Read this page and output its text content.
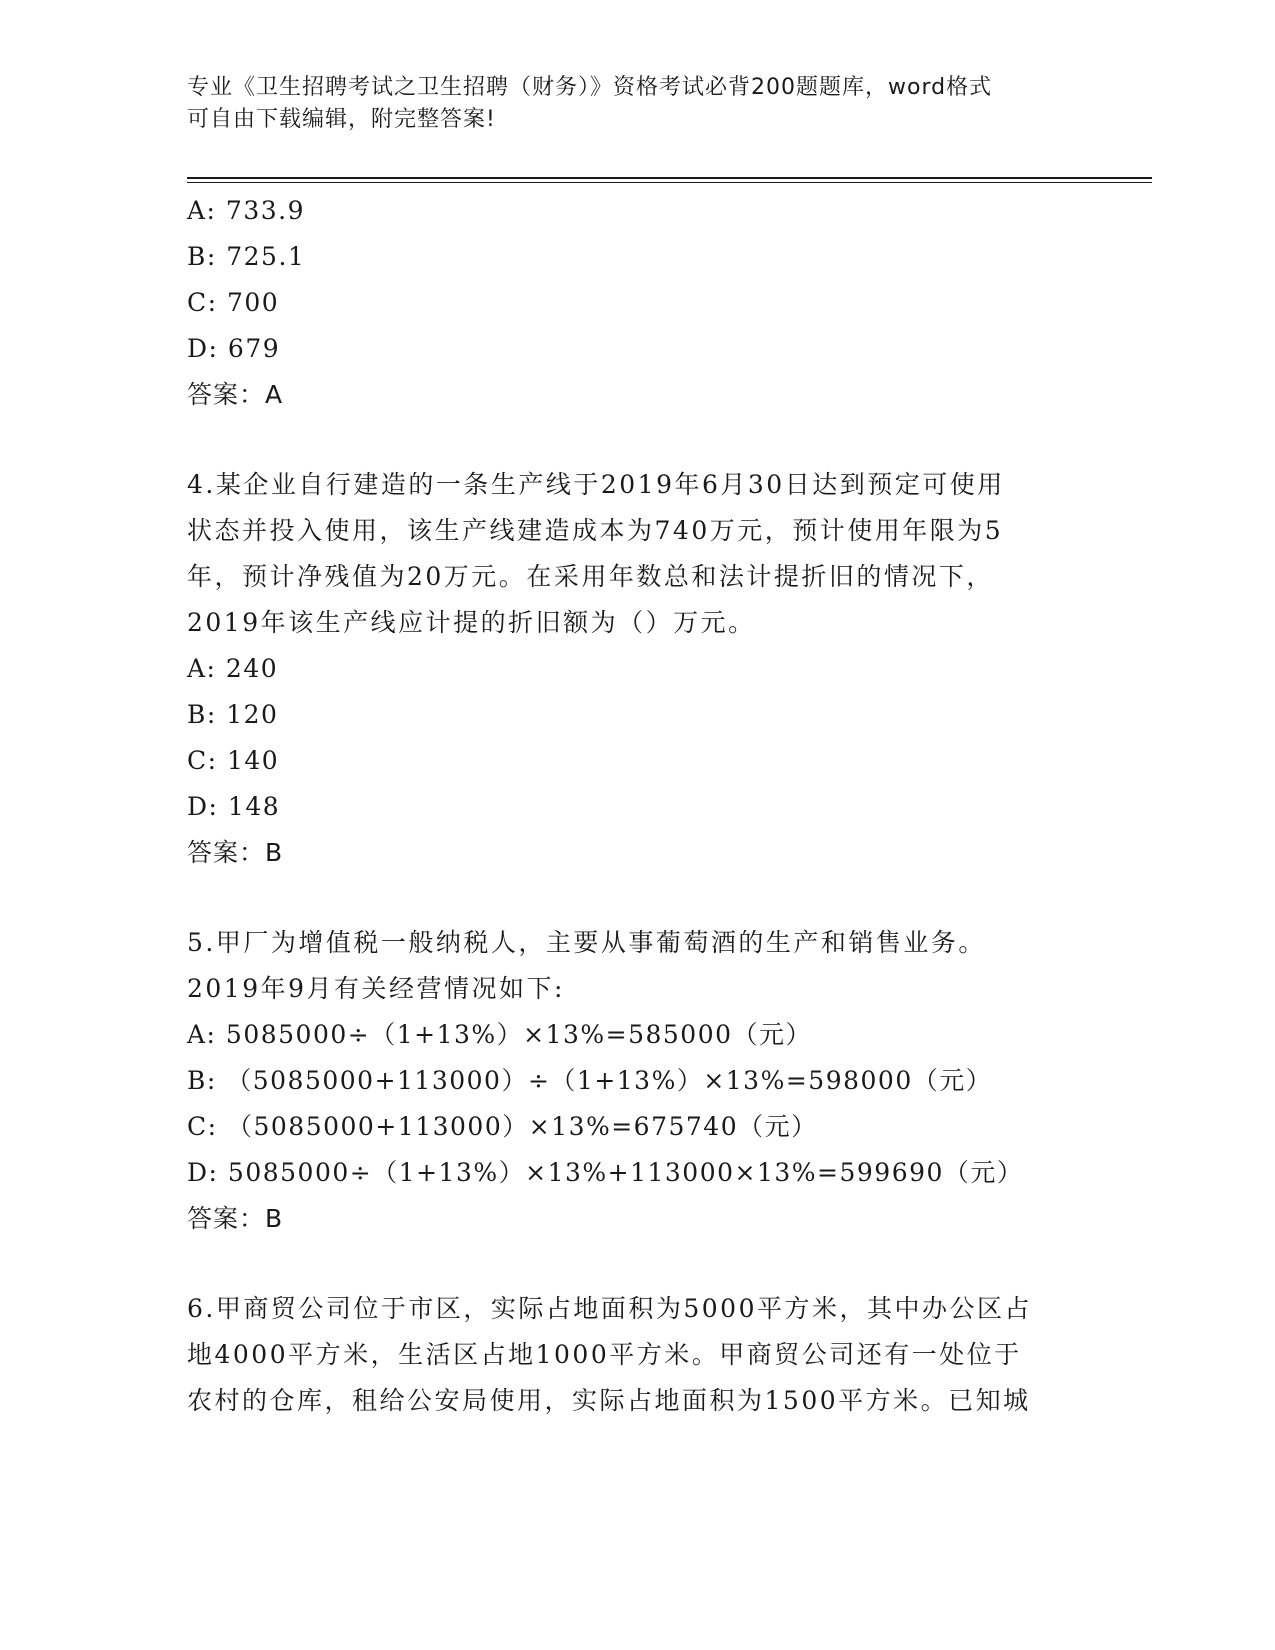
专业《卫生招聘考试之卫生招聘（财务）》资格考试必背200题题库，word格式
可自由下载编辑，附完整答案!
A: 733.9
B: 725.1
C: 700
D: 679
答案：A
4.某企业自行建造的一条生产线于2019年6月30日达到预定可使用
状态并投入使用，该生产线建造成本为740万元，预计使用年限为5
年，预计净残值为20万元。在采用年数总和法计提折旧的情况下，
2019年该生产线应计提的折旧额为（）万元。
A: 240
B: 120
C: 140
D: 148
答案：B
5.甲厂为增值税一般纳税人，主要从事葡萄酒的生产和销售业务。
2019年9月有关经营情况如下:
A: 5085000÷（1+13%）×13%=585000（元）
B: （5085000+113000）÷（1+13%）×13%=598000（元）
C: （5085000+113000）×13%=675740（元）
D: 5085000÷（1+13%）×13%+113000×13%=599690（元）
答案：B
6.甲商贸公司位于市区，实际占地面积为5000平方米，其中办公区占
地4000平方米，生活区占地1000平方米。甲商贸公司还有一处位于
农村的仓库，租给公安局使用，实际占地面积为1500平方米。已知城
